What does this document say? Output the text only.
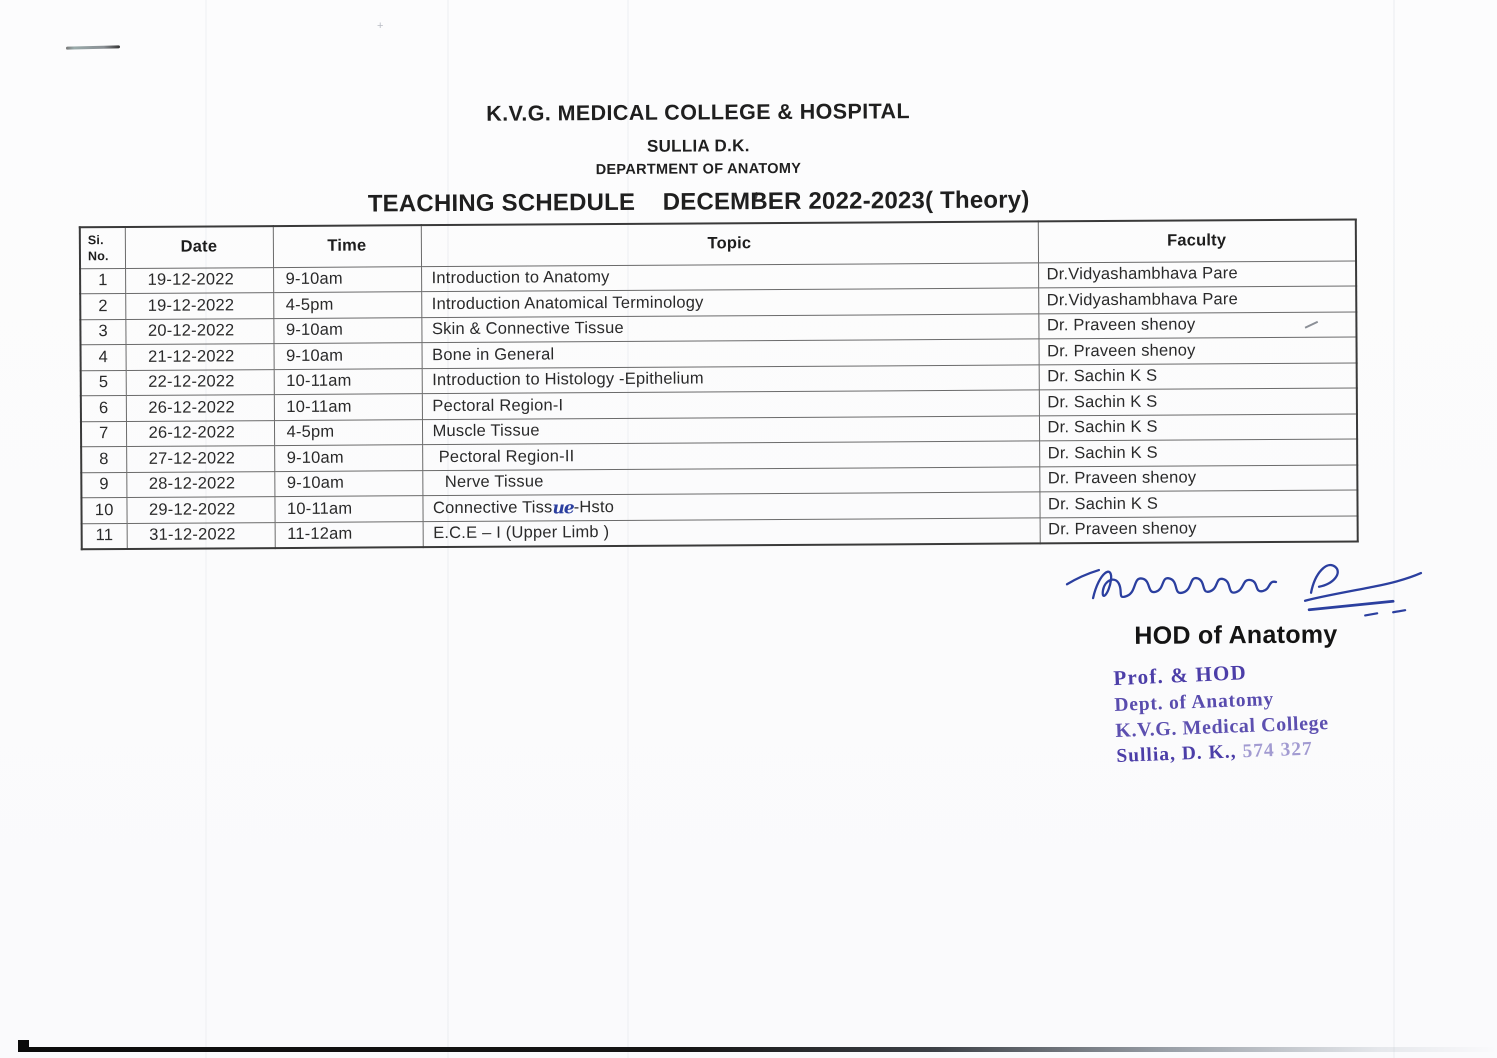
+
K.V.G. MEDICAL COLLEGE & HOSPITAL
SULLIA D.K.
DEPARTMENT OF ANATOMY
TEACHING SCHEDULE    DECEMBER 2022-2023( Theory)
Si.
No.	Date	Time	Topic	Faculty
1	19-12-2022	9-10am	Introduction to Anatomy	Dr.Vidyashambhava Pare
2	19-12-2022	4-5pm	Introduction Anatomical Terminology	Dr.Vidyashambhava Pare
3	20-12-2022	9-10am	Skin & Connective Tissue	Dr. Praveen shenoy
4	21-12-2022	9-10am	Bone in General	Dr. Praveen shenoy
5	22-12-2022	10-11am	Introduction to Histology -Epithelium	Dr. Sachin K S
6	26-12-2022	10-11am	Pectoral Region-I	Dr. Sachin K S
7	26-12-2022	4-5pm	Muscle Tissue	Dr. Sachin K S
8	27-12-2022	9-10am	Pectoral Region-II	Dr. Sachin K S
9	28-12-2022	9-10am	Nerve Tissue	Dr. Praveen shenoy
10	29-12-2022	10-11am	Connective Tissue-Hsto	Dr. Sachin K S
11	31-12-2022	11-12am	E.C.E – I (Upper Limb )	Dr. Praveen shenoy
HOD of Anatomy
Prof. & HOD
Dept. of Anatomy
K.V.G. Medical College
Sullia, D. K., 574 327
